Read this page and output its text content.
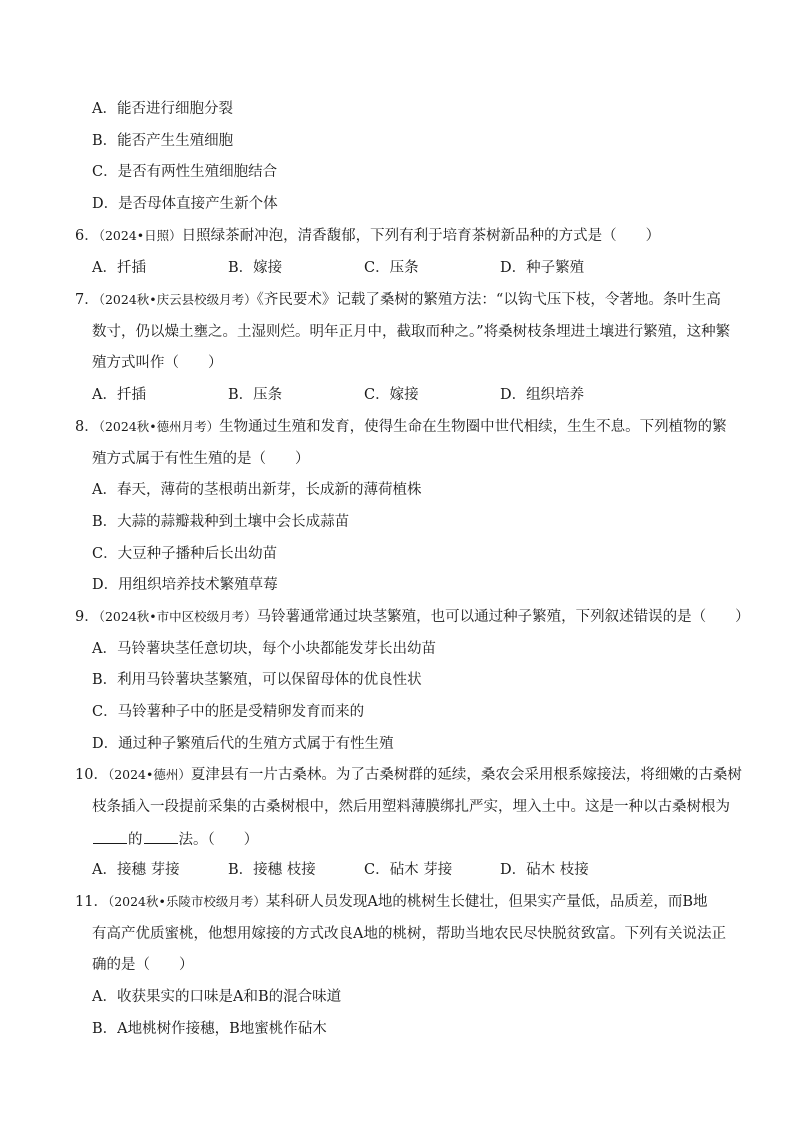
A．能否进行细胞分裂
B．能否产生生殖细胞
C．是否有两性生殖细胞结合
D．是否母体直接产生新个体
6．（2024•日照）日照绿茶耐冲泡，清香馥郁，下列有利于培育茶树新品种的方式是（　　）
A．扦插	B．嫁接	C．压条	D．种子繁殖
7．（2024秋•庆云县校级月考）《齐民要术》记载了桑树的繁殖方法：“以钩弋压下枝，令著地。条叶生高
数寸，仍以燥土壅之。土湿则烂。明年正月中，截取而种之。”将桑树枝条埋进土壤进行繁殖，这种繁
殖方式叫作（　　）
A．扦插	B．压条	C．嫁接	D．组织培养
8．（2024秋•德州月考）生物通过生殖和发育，使得生命在生物圈中世代相续，生生不息。下列植物的繁
殖方式属于有性生殖的是（　　）
A．春天，薄荷的茎根萌出新芽，长成新的薄荷植株
B．大蒜的蒜瓣栽种到土壤中会长成蒜苗
C．大豆种子播种后长出幼苗
D．用组织培养技术繁殖草莓
9．（2024秋•市中区校级月考）马铃薯通常通过块茎繁殖，也可以通过种子繁殖，下列叙述错误的是（　　）
A．马铃薯块茎任意切块，每个小块都能发芽长出幼苗
B．利用马铃薯块茎繁殖，可以保留母体的优良性状
C．马铃薯种子中的胚是受精卵发育而来的
D．通过种子繁殖后代的生殖方式属于有性生殖
10．（2024•德州）夏津县有一片古桑林。为了古桑树群的延续，桑农会采用根系嫁接法，将细嫩的古桑树
枝条插入一段提前采集的古桑树根中，然后用塑料薄膜绑扎严实，埋入土中。这是一种以古桑树根为
的 法。（　　）
A．接穗 芽接	B．接穗 枝接	C．砧木 芽接	D．砧木 枝接
11．（2024秋•乐陵市校级月考）某科研人员发现A地的桃树生长健壮，但果实产量低，品质差，而B地
有高产优质蜜桃，他想用嫁接的方式改良A地的桃树，帮助当地农民尽快脱贫致富。下列有关说法正
确的是（　　）
A．收获果实的口味是A和B的混合味道
B．A地桃树作接穗，B地蜜桃作砧木
